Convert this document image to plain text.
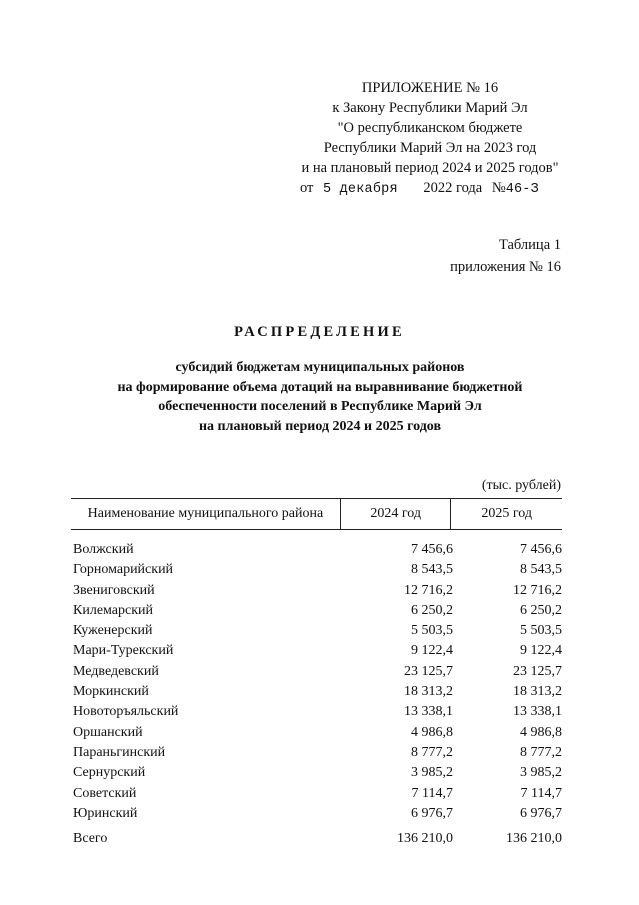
ПРИЛОЖЕНИЕ № 16
к Закону Республики Марий Эл
"О республиканском бюджете
Республики Марий Эл на 2023 год
и на плановый период 2024 и 2025 годов"
от 5 декабря 2022 года №46-З
Таблица 1
приложения № 16
РАСПРЕДЕЛЕНИЕ
субсидий бюджетам муниципальных районов
на формирование объема дотаций на выравнивание бюджетной
обеспеченности поселений в Республике Марий Эл
на плановый период 2024 и 2025 годов
(тыс. рублей)
Наименование муниципального района	2024 год	2025 год
Волжский	7 456,6	7 456,6
Горномарийский	8 543,5	8 543,5
Звениговский	12 716,2	12 716,2
Килемарский	6 250,2	6 250,2
Куженерский	5 503,5	5 503,5
Мари-Турекский	9 122,4	9 122,4
Медведевский	23 125,7	23 125,7
Моркинский	18 313,2	18 313,2
Новоторъяльский	13 338,1	13 338,1
Оршанский	4 986,8	4 986,8
Параньгинский	8 777,2	8 777,2
Сернурский	3 985,2	3 985,2
Советский	7 114,7	7 114,7
Юринский	6 976,7	6 976,7
Всего	136 210,0	136 210,0
